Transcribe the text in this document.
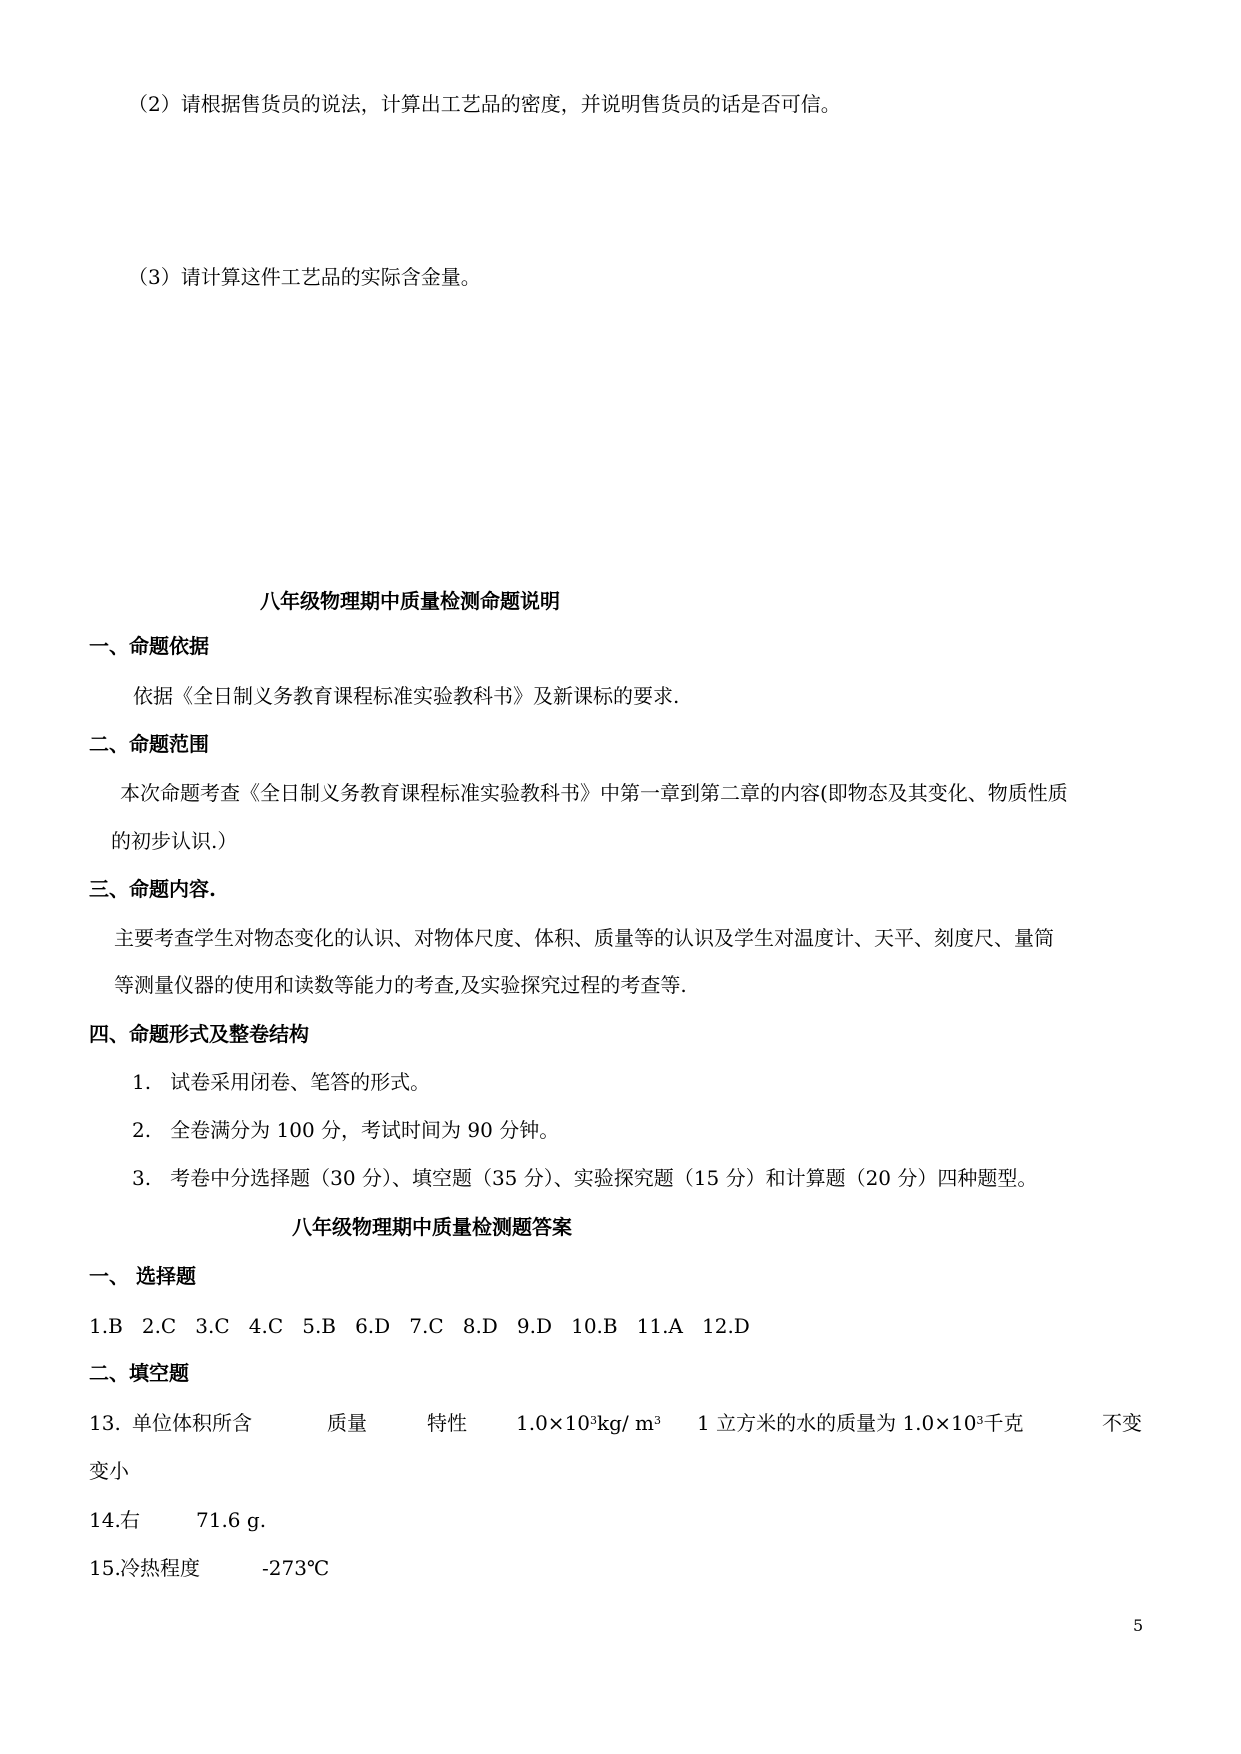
（2）请根据售货员的说法，计算出工艺品的密度，并说明售货员的话是否可信。
（3）请计算这件工艺品的实际含金量。
八年级物理期中质量检测命题说明
一、命题依据
依据《全日制义务教育课程标准实验教科书》及新课标的要求.
二、命题范围
本次命题考查《全日制义务教育课程标准实验教科书》中第一章到第二章的内容(即物态及其变化、物质性质
的初步认识.）
三、命题内容.
主要考查学生对物态变化的认识、对物体尺度、体积、质量等的认识及学生对温度计、天平、刻度尺、量筒
等测量仪器的使用和读数等能力的考查,及实验探究过程的考查等.
四、命题形式及整卷结构
1.   试卷采用闭卷、笔答的形式。
2.   全卷满分为 100 分，考试时间为 90 分钟。
3.   考卷中分选择题（30 分）、填空题（35 分）、实验探究题（15 分）和计算题（20 分）四种题型。
八年级物理期中质量检测题答案
一、 选择题
1.B   2.C   3.C   4.C   5.B   6.D   7.C   8.D   9.D   10.B   11.A   12.D
二、填空题
13. 单位体积所含	质量	特性 $1.0\times 10^3kg/$ $m^3$ 1 立方米的水的质量为 $1.0\times 10^3$千克	不变
变小
14. 右	71.6 g.
15. 冷热程度	-273℃
5
